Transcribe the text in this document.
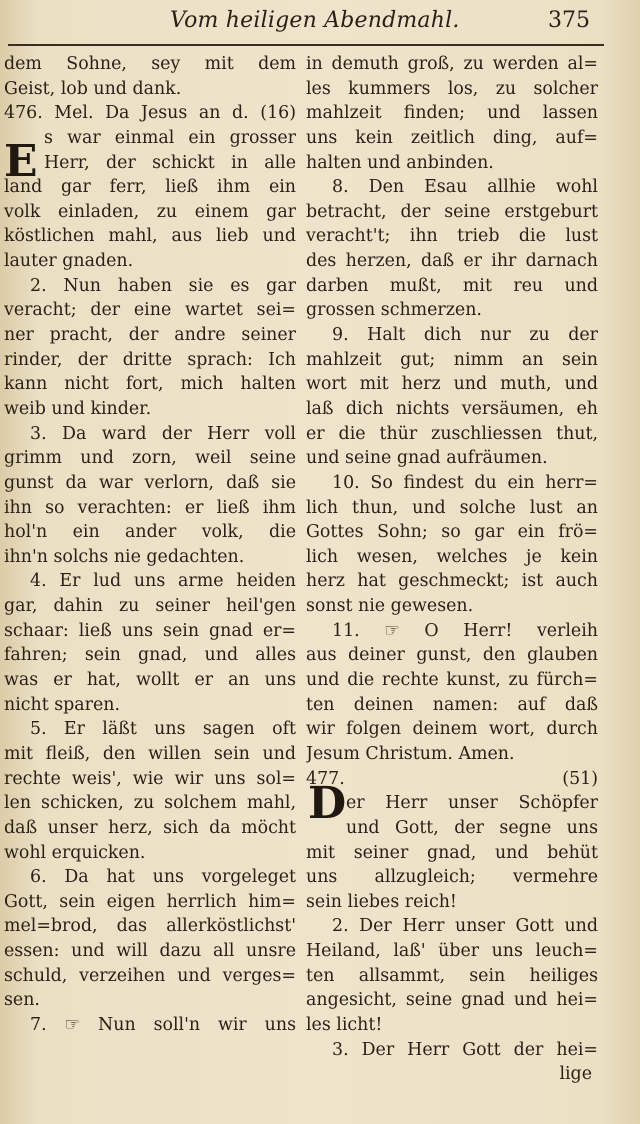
Vom heiligen Abendmahl.	375
dem Sohne, sey mit dem
Geist, lob und dank.
476. Mel. Da Jesus an d. (16)
s war einmal ein grosser
Herr, der schickt in alle
land gar ferr, ließ ihm ein
volk einladen, zu einem gar
köstlichen mahl, aus lieb und
lauter gnaden.
2. Nun haben sie es gar
veracht; der eine wartet sei=
ner pracht, der andre seiner
rinder, der dritte sprach: Ich
kann nicht fort, mich halten
weib und kinder.
3. Da ward der Herr voll
grimm und zorn, weil seine
gunst da war verlorn, daß sie
ihn so verachten: er ließ ihm
hol'n ein ander volk, die
ihn'n solchs nie gedachten.
4. Er lud uns arme heiden
gar, dahin zu seiner heil'gen
schaar: ließ uns sein gnad er=
fahren; sein gnad, und alles
was er hat, wollt er an uns
nicht sparen.
5. Er läßt uns sagen oft
mit fleiß, den willen sein und
rechte weis', wie wir uns sol=
len schicken, zu solchem mahl,
daß unser herz, sich da möcht
wohl erquicken.
6. Da hat uns vorgeleget
Gott, sein eigen herrlich him=
mel=brod, das allerköstlichst'
essen: und will dazu all unsre
schuld, verzeihen und verges=
sen.
7. ☞ Nun soll'n wir uns
in demuth groß, zu werden al=
les kummers los, zu solcher
mahlzeit finden; und lassen
uns kein zeitlich ding, auf=
halten und anbinden.
8. Den Esau allhie wohl
betracht, der seine erstgeburt
veracht't; ihn trieb die lust
des herzen, daß er ihr darnach
darben mußt, mit reu und
grossen schmerzen.
9. Halt dich nur zu der
mahlzeit gut; nimm an sein
wort mit herz und muth, und
laß dich nichts versäumen, eh
er die thür zuschliessen thut,
und seine gnad aufräumen.
10. So findest du ein herr=
lich thun, und solche lust an
Gottes Sohn; so gar ein frö=
lich wesen, welches je kein
herz hat geschmeckt; ist auch
sonst nie gewesen.
11. ☞ O Herr! verleih
aus deiner gunst, den glauben
und die rechte kunst, zu fürch=
ten deinen namen: auf daß
wir folgen deinem wort, durch
Jesum Christum. Amen.
477. (51)
er Herr unser Schöpfer
und Gott, der segne uns
mit seiner gnad, und behüt
uns allzugleich; vermehre
sein liebes reich!
2. Der Herr unser Gott und
Heiland, laß' über uns leuch=
ten allsammt, sein heiliges
angesicht, seine gnad und hei=
les licht!
3. Der Herr Gott der hei=
lige
E
D
